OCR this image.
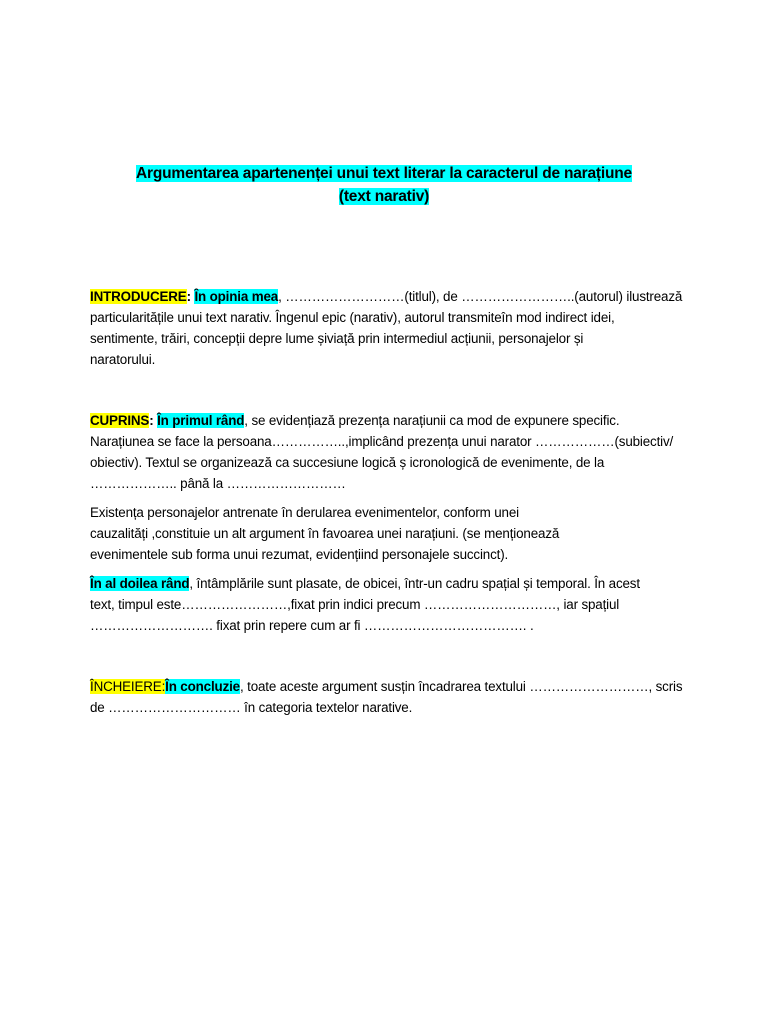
Argumentarea apartenenței unui text literar la caracterul de narațiune
(text narativ)
INTRODUCERE: În opinia mea, ………………………(titlul), de ……………………..(autorul) ilustrează
particularitățile unui text narativ. Îngenul epic (narativ), autorul transmiteîn mod indirect idei,
sentimente, trăiri, concepții depre lume șiviață prin intermediul acțiunii, personajelor și
naratorului.
CUPRINS: În primul rând, se evidențiază prezența narațiunii ca mod de expunere specific.
Narațiunea se face la persoana……………..,implicând prezența unui narator ………………(subiectiv/
obiectiv). Textul se organizează ca succesiune logică ș icronologică de evenimente, de la
……………….. până la ………………………
Existența personajelor antrenate în derularea evenimentelor, conform unei
cauzalități ,constituie un alt argument în favoarea unei narațiuni. (se menționează
evenimentele sub forma unui rezumat, evidențiind personajele succinct).
În al doilea rând, întâmplările sunt plasate, de obicei, într-un cadru spațial și temporal. În acest
text, timpul este……………………,fixat prin indici precum …………………………, iar spațiul
………………………. fixat prin repere cum ar fi ………………………………. .
ÎNCHEIERE:În concluzie, toate aceste argument susțin încadrarea textului ………………………, scris
de ………………………… în categoria textelor narative.
